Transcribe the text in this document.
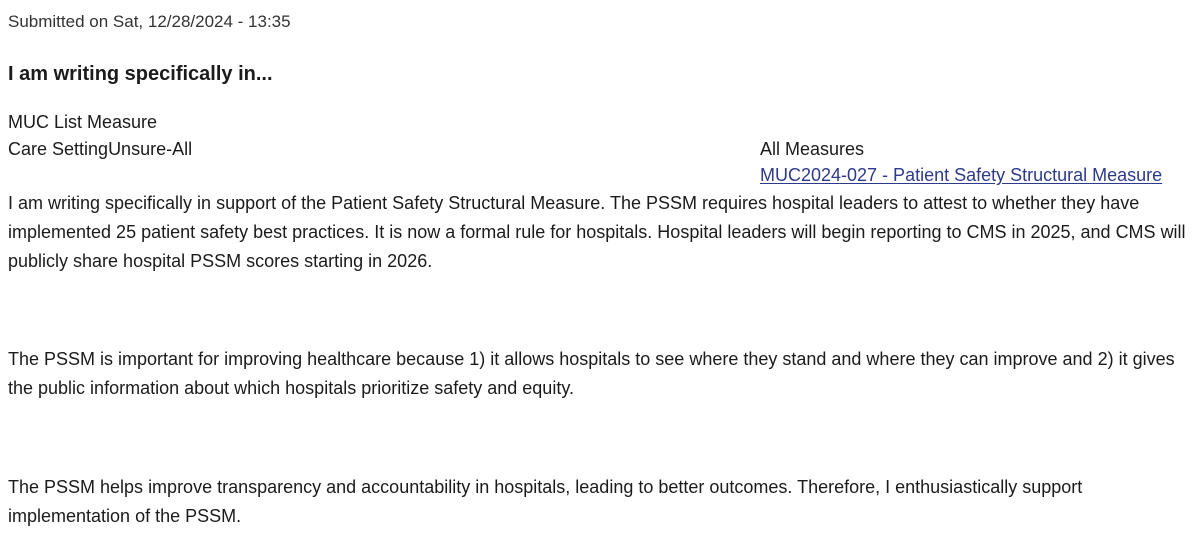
Submitted on Sat, 12/28/2024 - 13:35
I am writing specifically in...
MUC List Measure
Care SettingUnsure-All	All Measures
MUC2024-027 - Patient Safety Structural Measure

I am writing specifically in support of the Patient Safety Structural Measure. The PSSM requires hospital leaders to attest to whether they have implemented 25 patient safety best practices. It is now a formal rule for hospitals. Hospital leaders will begin reporting to CMS in 2025, and CMS will publicly share hospital PSSM scores starting in 2026.

The PSSM is important for improving healthcare because 1) it allows hospitals to see where they stand and where they can improve and 2) it gives the public information about which hospitals prioritize safety and equity.

The PSSM helps improve transparency and accountability in hospitals, leading to better outcomes. Therefore, I enthusiastically support implementation of the PSSM.
